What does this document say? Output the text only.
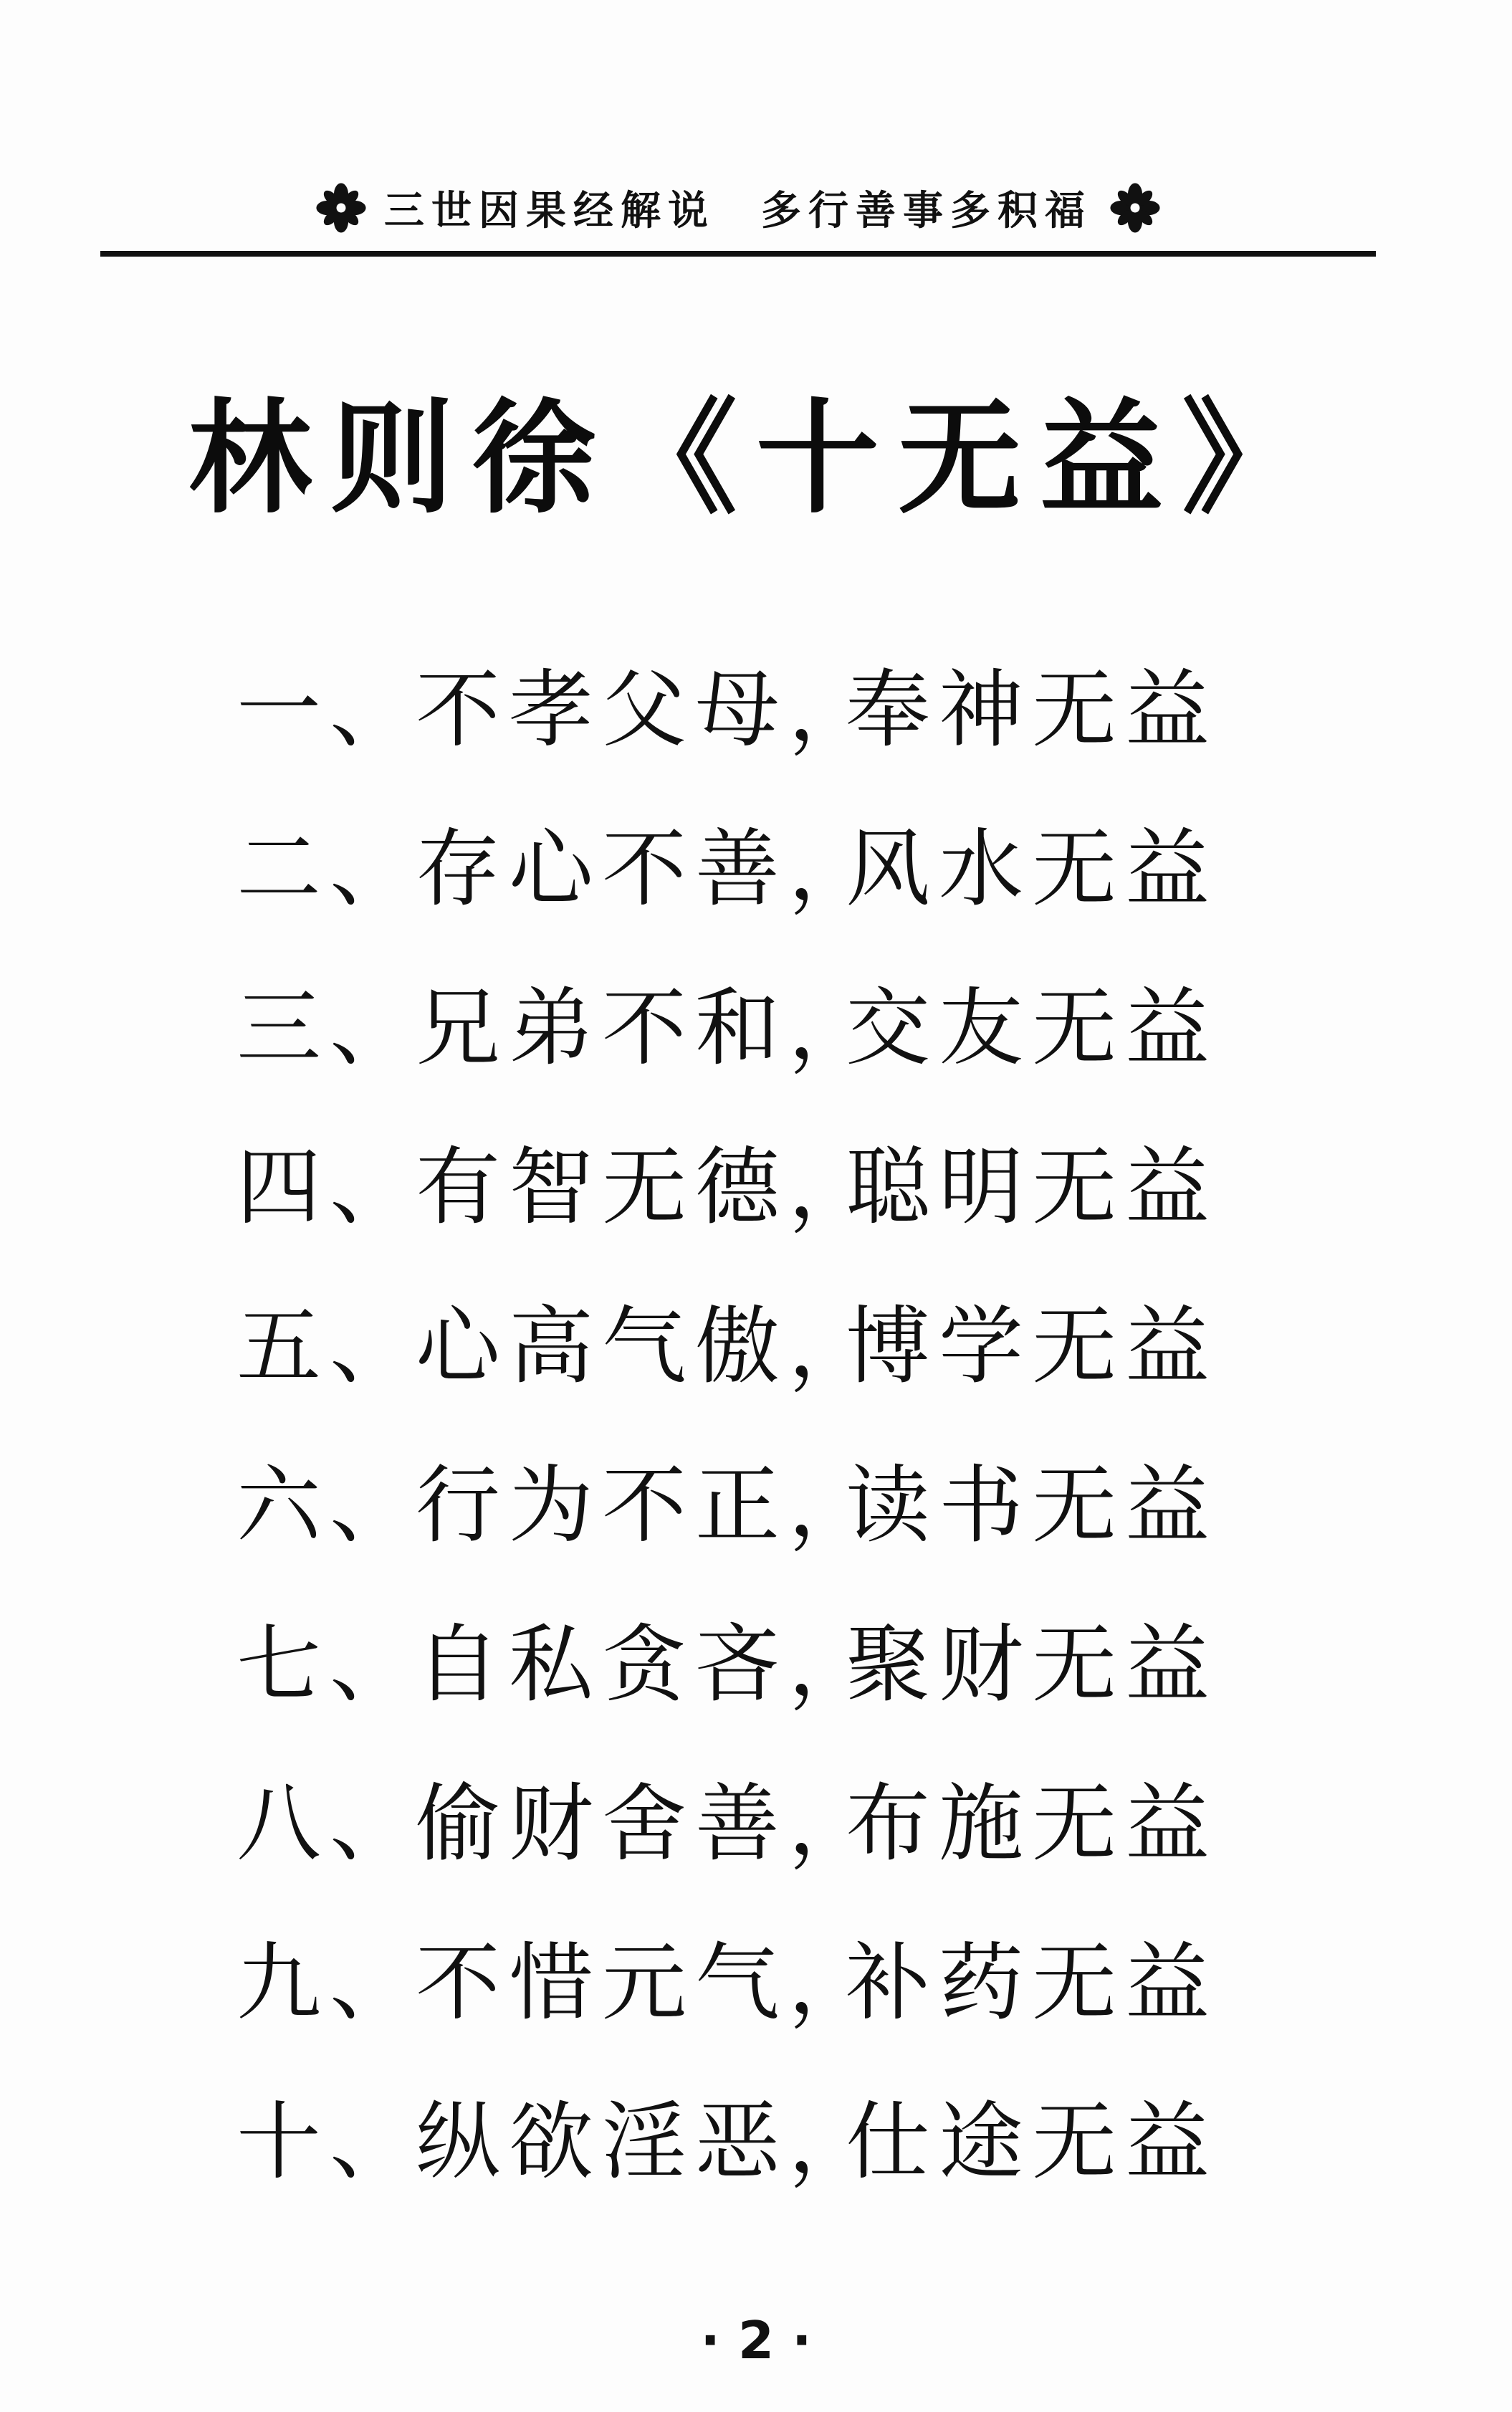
三世因果经解说 多行善事多积福
林则徐《十无益》
一、不孝父母，奉神无益
二、存心不善，风水无益
三、兄弟不和，交友无益
四、有智无德，聪明无益
五、心高气傲，博学无益
六、行为不正，读书无益
七、自私贪吝，聚财无益
八、偷财舍善，布施无益
九、不惜元气，补药无益
十、纵欲淫恶，仕途无益
· 2 ·
